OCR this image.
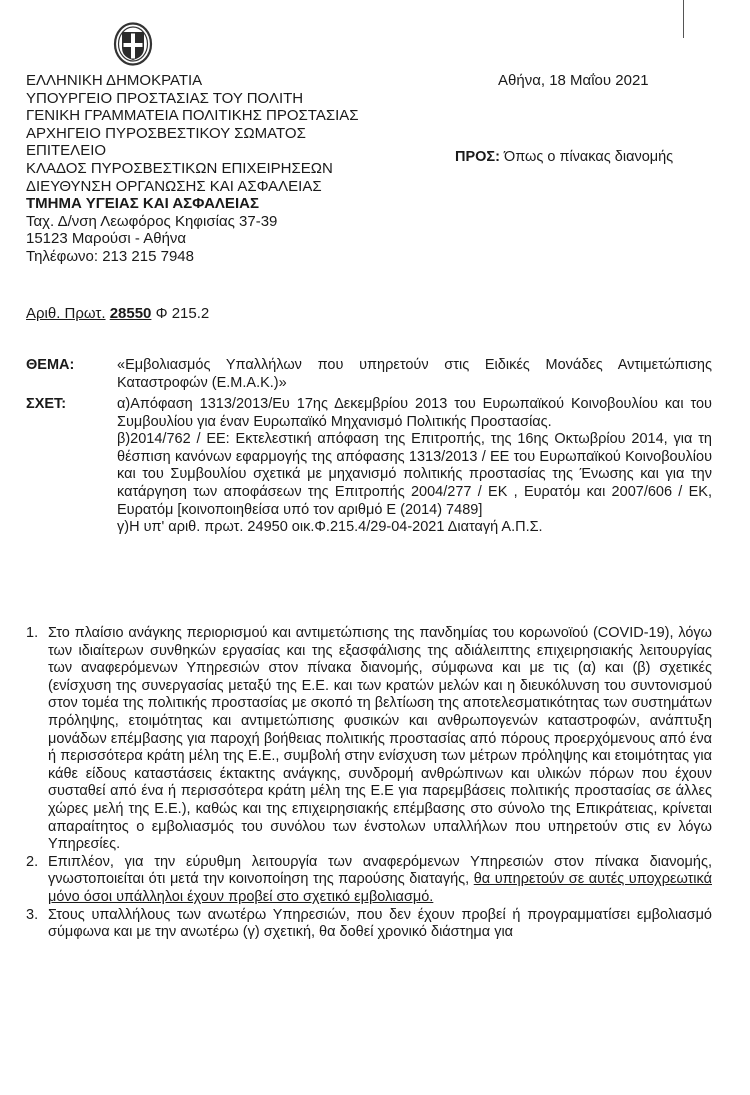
ΕΛΛΗΝΙΚΗ ΔΗΜΟΚΡΑΤΙΑ
ΥΠΟΥΡΓΕΙΟ ΠΡΟΣΤΑΣΙΑΣ ΤΟΥ ΠΟΛΙΤΗ
ΓΕΝΙΚΗ ΓΡΑΜΜΑΤΕΙΑ ΠΟΛΙΤΙΚΗΣ ΠΡΟΣΤΑΣΙΑΣ
ΑΡΧΗΓΕΙΟ ΠΥΡΟΣΒΕΣΤΙΚΟΥ ΣΩΜΑΤΟΣ
ΕΠΙΤΕΛΕΙΟ
ΚΛΑΔΟΣ ΠΥΡΟΣΒΕΣΤΙΚΩΝ ΕΠΙΧΕΙΡΗΣΕΩΝ
ΔΙΕΥΘΥΝΣΗ ΟΡΓΑΝΩΣΗΣ ΚΑΙ ΑΣΦΑΛΕΙΑΣ
ΤΜΗΜΑ ΥΓΕΙΑΣ ΚΑΙ ΑΣΦΑΛΕΙΑΣ
Ταχ. Δ/νση Λεωφόρος Κηφισίας 37-39
15123 Μαρούσι - Αθήνα
Τηλέφωνο: 213 215 7948
Αθήνα, 18 Μαΐου 2021
ΠΡΟΣ: Όπως ο πίνακας διανομής
Αριθ. Πρωτ. 28550 Φ 215.2
ΘΕΜΑ:	«Εμβολιασμός Υπαλλήλων που υπηρετούν στις Ειδικές Μονάδες Αντιμετώπισης Καταστροφών (Ε.Μ.Α.Κ.)»
ΣΧΕΤ:	α)Απόφαση 1313/2013/Ευ 17ης Δεκεμβρίου 2013 του Ευρωπαϊκού Κοινοβουλίου και του Συμβουλίου για έναν Ευρωπαϊκό Μηχανισμό Πολιτικής Προστασίας.

β)2014/762 / ΕΕ: Εκτελεστική απόφαση της Επιτροπής, της 16ης Οκτωβρίου 2014, για τη θέσπιση κανόνων εφαρμογής της απόφασης 1313/2013 / ΕΕ του Ευρωπαϊκού Κοινοβουλίου και του Συμβουλίου σχετικά με μηχανισμό πολιτικής προστασίας της Ένωσης και για την κατάργηση των αποφάσεων της Επιτροπής 2004/277 / ΕΚ , Ευρατόμ και 2007/606 / ΕΚ, Ευρατόμ [κοινοποιηθείσα υπό τον αριθμό Ε (2014) 7489]

γ)Η υπ' αριθ. πρωτ. 24950 οικ.Φ.215.4/29-04-2021 Διαταγή Α.Π.Σ.

1. Στο πλαίσιο ανάγκης περιορισμού και αντιμετώπισης της πανδημίας του κορωνοϊού (COVID-19), λόγω των ιδιαίτερων συνθηκών εργασίας και της εξασφάλισης της αδιάλειπτης επιχειρησιακής λειτουργίας των αναφερόμενων Υπηρεσιών στον πίνακα διανομής, σύμφωνα και με τις (α) και (β) σχετικές (ενίσχυση της συνεργασίας μεταξύ της Ε.Ε. και των κρατών μελών και η διευκόλυνση του συντονισμού στον τομέα της πολιτικής προστασίας με σκοπό τη βελτίωση της αποτελεσματικότητας των συστημάτων πρόληψης, ετοιμότητας και αντιμετώπισης φυσικών και ανθρωπογενών καταστροφών, ανάπτυξη μονάδων επέμβασης για παροχή βοήθειας πολιτικής προστασίας από πόρους προερχόμενους από ένα ή περισσότερα κράτη μέλη της Ε.Ε., συμβολή στην ενίσχυση των μέτρων πρόληψης και ετοιμότητας για κάθε είδους καταστάσεις έκτακτης ανάγκης, συνδρομή ανθρώπινων και υλικών πόρων που έχουν συσταθεί από ένα ή περισσότερα κράτη μέλη της Ε.Ε για παρεμβάσεις πολιτικής προστασίας σε άλλες χώρες μελή της Ε.Ε.), καθώς και της επιχειρησιακής επέμβασης στο σύνολο της Επικράτειας, κρίνεται απαραίτητος ο εμβολιασμός του συνόλου των ένστολων υπαλλήλων που υπηρετούν στις εν λόγω Υπηρεσίες.
2. Επιπλέον, για την εύρυθμη λειτουργία των αναφερόμενων Υπηρεσιών στον πίνακα διανομής, γνωστοποιείται ότι μετά την κοινοποίηση της παρούσης διαταγής, θα υπηρετούν σε αυτές υποχρεωτικά μόνο όσοι υπάλληλοι έχουν προβεί στο σχετικό εμβολιασμό.
3. Στους υπαλλήλους των ανωτέρω Υπηρεσιών, που δεν έχουν προβεί ή προγραμματίσει εμβολιασμό σύμφωνα και με την ανωτέρω (γ) σχετική, θα δοθεί χρονικό διάστημα για
